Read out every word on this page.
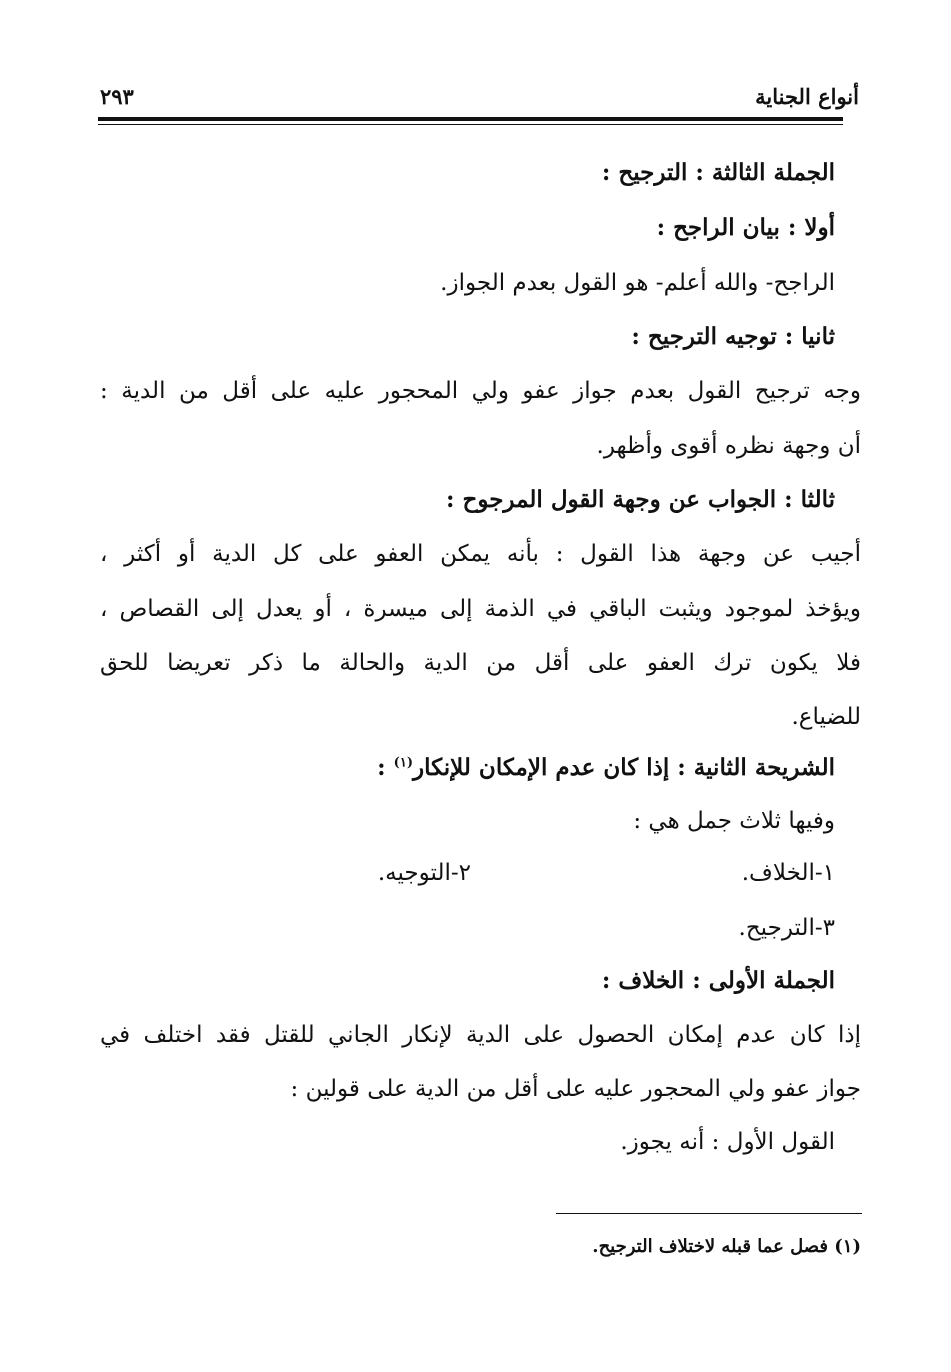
أنواع الجناية
٢٩٣
الجملة الثالثة : الترجيح :
أولا : بيان الراجح :
الراجح- والله أعلم- هو القول بعدم الجواز.
ثانيا : توجيه الترجيح :
وجه ترجيح القول بعدم جواز عفو ولي المحجور عليه على أقل من الدية :
أن وجهة نظره أقوى وأظهر.
ثالثا : الجواب عن وجهة القول المرجوح :
أجيب عن وجهة هذا القول : بأنه يمكن العفو على كل الدية أو أكثر ،
ويؤخذ لموجود ويثبت الباقي في الذمة إلى ميسرة ، أو يعدل إلى القصاص ،
فلا يكون ترك العفو على أقل من الدية والحالة ما ذكر تعريضا للحق
للضياع.
الشريحة الثانية : إذا كان عدم الإمكان للإنكار$^{(١)}$ :
وفيها ثلاث جمل هي :
١-الخلاف.
٢-التوجيه.
٣-الترجيح.
الجملة الأولى : الخلاف :
إذا كان عدم إمكان الحصول على الدية لإنكار الجاني للقتل فقد اختلف في
جواز عفو ولي المحجور عليه على أقل من الدية على قولين :
القول الأول : أنه يجوز.
(١) فصل عما قبله لاختلاف الترجيح.
